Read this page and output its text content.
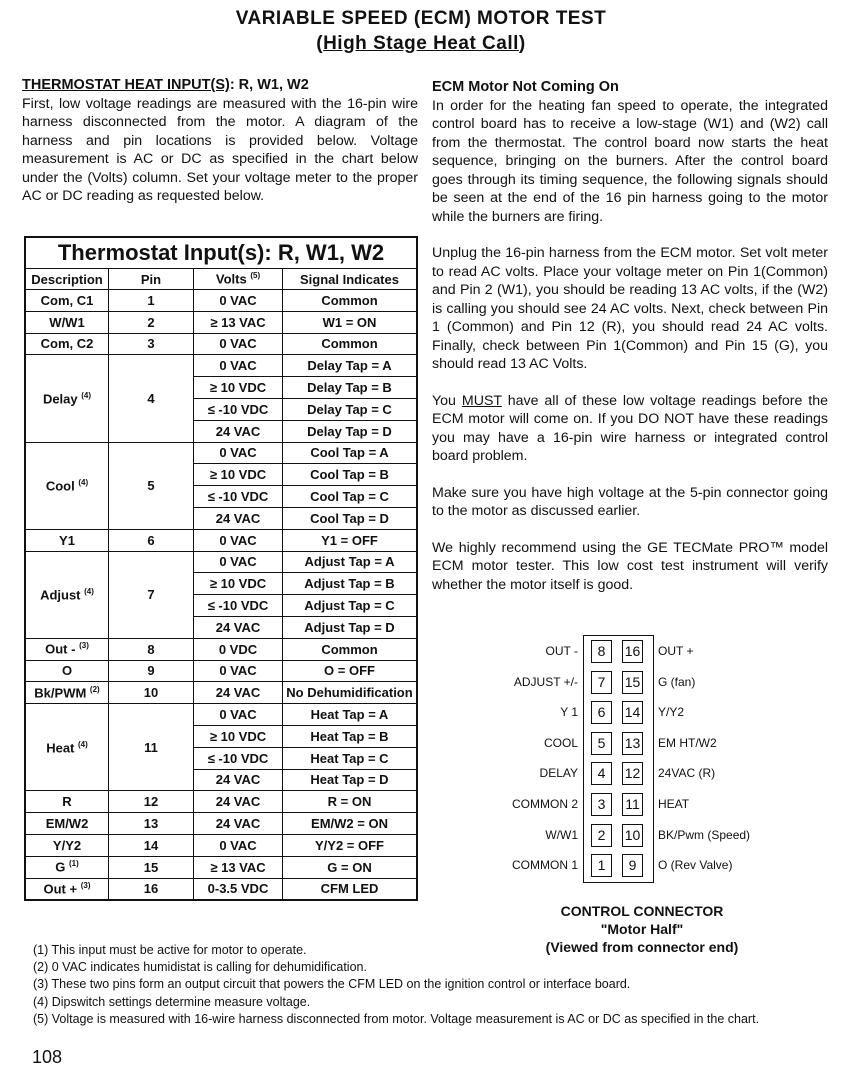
VARIABLE SPEED (ECM) MOTOR TEST
(High Stage Heat Call)
THERMOSTAT HEAT INPUT(S): R, W1, W2

First, low voltage readings are measured with the 16-pin wire harness disconnected from the motor. A diagram of the harness and pin locations is provided below. Voltage measurement is AC or DC as specified in the chart below under the (Volts) column. Set your voltage meter to the proper AC or DC reading as requested below.

ECM Motor Not Coming On

In order for the heating fan speed to operate, the integrated control board has to receive a low-stage (W1) and (W2) call from the thermostat. The control board now starts the heat sequence, bringing on the burners. After the control board goes through its timing sequence, the following signals should be seen at the end of the 16 pin harness going to the motor while the burners are firing.

Unplug the 16-pin harness from the ECM motor. Set volt meter to read AC volts. Place your voltage meter on Pin 1(Common) and Pin 2 (W1), you should be reading 13 AC volts, if the (W2) is calling you should see 24 AC volts. Next, check between Pin 1 (Common) and Pin 12 (R), you should read 24 AC volts. Finally, check between Pin 1(Common) and Pin 15 (G), you should read 13 AC Volts.

You MUST have all of these low voltage readings before the ECM motor will come on. If you DO NOT have these readings you may have a 16-pin wire harness or integrated control board problem.

Make sure you have high voltage at the 5-pin connector going to the motor as discussed earlier.

We highly recommend using the GE TECMate PRO™ model ECM motor tester. This low cost test instrument will verify whether the motor itself is good.

Thermostat Input(s): R, W1, W2			
Description	Pin	Volts $^{(5)}$	Signal Indicates
Com, C1	1	0 VAC	Common
W/W1	2	≥ 13 VAC	W1 = ON
Com, C2	3	0 VAC	Common
Delay $^{(4)}$	4	0 VAC	Delay Tap = A
		≥ 10 VDC	Delay Tap = B
		≤ -10 VDC	Delay Tap = C
		24 VAC	Delay Tap = D
Cool $^{(4)}$	5	0 VAC	Cool Tap = A
		≥ 10 VDC	Cool Tap = B
		≤ -10 VDC	Cool Tap = C
		24 VAC	Cool Tap = D
Y1	6	0 VAC	Y1 = OFF
Adjust $^{(4)}$	7	0 VAC	Adjust Tap = A
		≥ 10 VDC	Adjust Tap = B
		≤ -10 VDC	Adjust Tap = C
		24 VAC	Adjust Tap = D
Out - $^{(3)}$	8	0 VDC	Common
O	9	0 VAC	O = OFF
Bk/PWM $^{(2)}$	10	24 VAC	No Dehumidification
Heat $^{(4)}$	11	0 VAC	Heat Tap = A
		≥ 10 VDC	Heat Tap = B
		≤ -10 VDC	Heat Tap = C
		24 VAC	Heat Tap = D
R	12	24 VAC	R = ON
EM/W2	13	24 VAC	EM/W2 = ON
Y/Y2	14	0 VAC	Y/Y2 = OFF
G $^{(1)}$	15	≥ 13 VAC	G = ON
Out + $^{(3)}$	16	0-3.5 VDC	CFM LED
8	16
7	15
6	14
5	13
4	12
3	11
2	10
1	9
OUT -	OUT +
ADJUST +/-	G (fan)
Y 1	Y/Y2
COOL	EM HT/W2
DELAY	24VAC (R)
COMMON 2	HEAT
W/W1	BK/Pwm (Speed)
COMMON 1	O (Rev Valve)
CONTROL CONNECTOR
"Motor Half"
(Viewed from connector end)
(1) This input must be active for motor to operate.
(2) 0 VAC indicates humidistat is calling for dehumidification.
(3) These two pins form an output circuit that powers the CFM LED on the ignition control or interface board.
(4) Dipswitch settings determine measure voltage.
(5) Voltage is measured with 16-wire harness disconnected from motor. Voltage measurement is AC or DC as specified in the chart.
108
